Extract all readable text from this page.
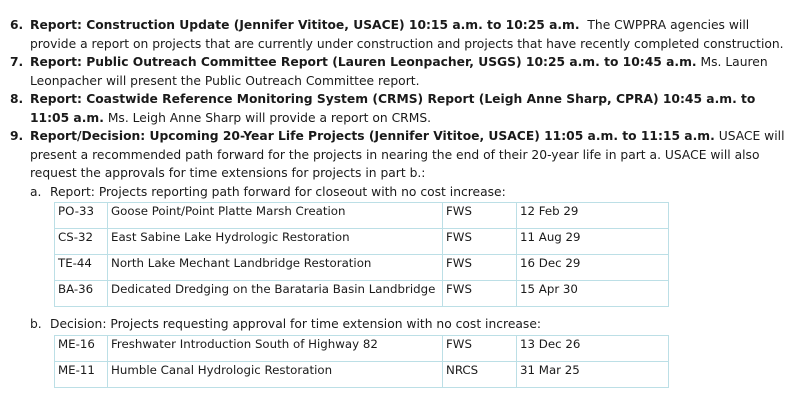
6. Report: Construction Update (Jennifer Vititoe, USACE) 10:15 a.m. to 10:25 a.m. The CWPPRA agencies will provide a report on projects that are currently under construction and projects that have recently completed construction.
7. Report: Public Outreach Committee Report (Lauren Leonpacher, USGS) 10:25 a.m. to 10:45 a.m. Ms. Lauren Leonpacher will present the Public Outreach Committee report.
8. Report: Coastwide Reference Monitoring System (CRMS) Report (Leigh Anne Sharp, CPRA) 10:45 a.m. to 11:05 a.m. Ms. Leigh Anne Sharp will provide a report on CRMS.
9. Report/Decision: Upcoming 20-Year Life Projects (Jennifer Vititoe, USACE) 11:05 a.m. to 11:15 a.m. USACE will present a recommended path forward for the projects in nearing the end of their 20-year life in part a. USACE will also request the approvals for time extensions for projects in part b.:
a. Report: Projects reporting path forward for closeout with no cost increase:
PO-33	Goose Point/Point Platte Marsh Creation	FWS	12 Feb 29
CS-32	East Sabine Lake Hydrologic Restoration	FWS	11 Aug 29
TE-44	North Lake Mechant Landbridge Restoration	FWS	16 Dec 29
BA-36	Dedicated Dredging on the Barataria Basin Landbridge	FWS	15 Apr 30
b. Decision: Projects requesting approval for time extension with no cost increase:
ME-16	Freshwater Introduction South of Highway 82	FWS	13 Dec 26
ME-11	Humble Canal Hydrologic Restoration	NRCS	31 Mar 25
